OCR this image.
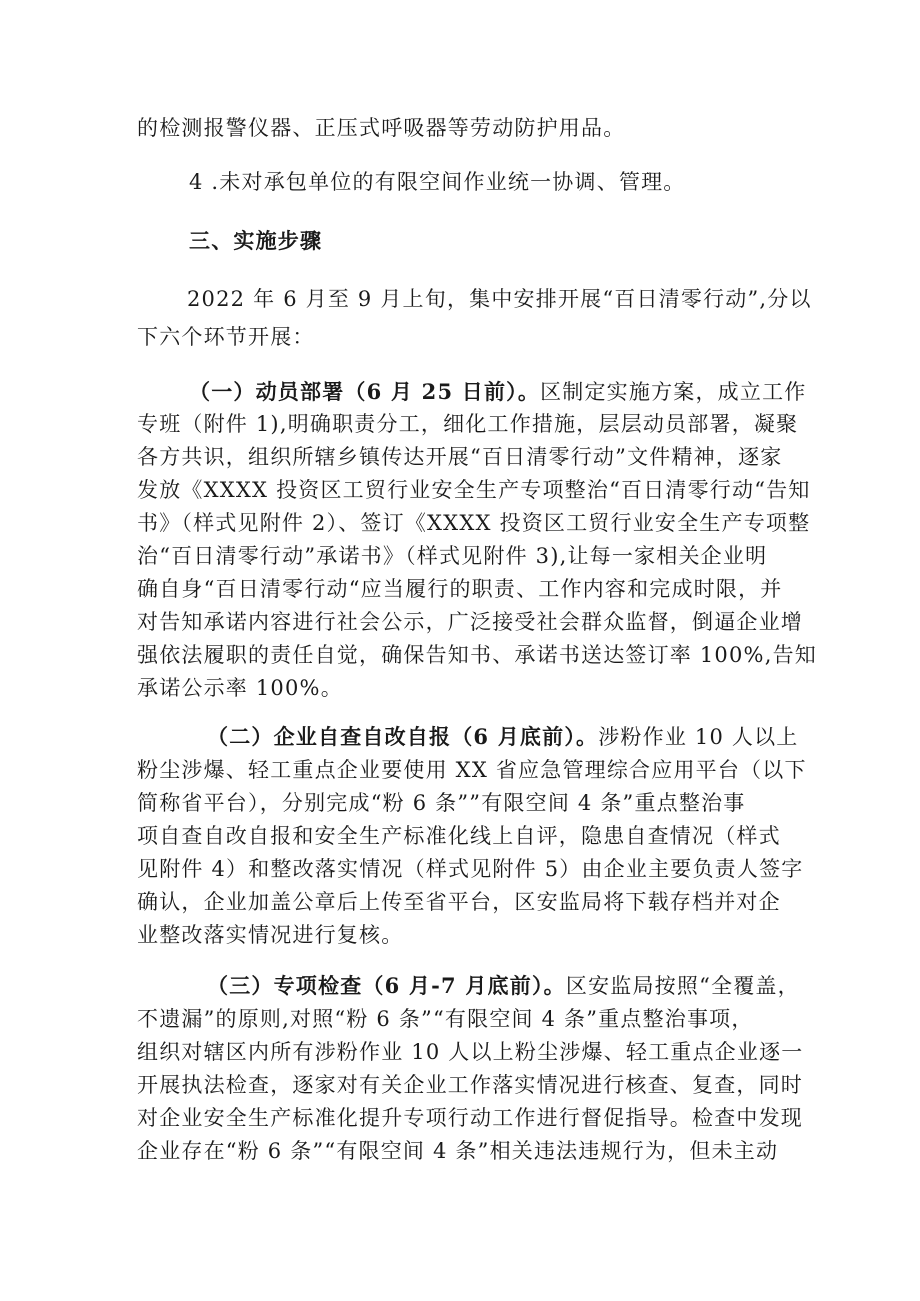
的检测报警仪器、正压式呼吸器等劳动防护用品。
4 .未对承包单位的有限空间作业统一协调、管理。
三、实施步骤
2022 年 6 月至 9 月上旬，集中安排开展“百日清零行动”,分以
下六个环节开展：
（一）动员部署（6 月 25 日前）。区制定实施方案，成立工作
专班（附件 1),明确职责分工，细化工作措施，层层动员部署，凝聚
各方共识，组织所辖乡镇传达开展“百日清零行动”文件精神，逐家
发放《XXXX 投资区工贸行业安全生产专项整治“百日清零行动“告知
书》（样式见附件 2）、签订《XXXX 投资区工贸行业安全生产专项整
治“百日清零行动”承诺书》（样式见附件 3),让每一家相关企业明
确自身“百日清零行动“应当履行的职责、工作内容和完成时限，并
对告知承诺内容进行社会公示，广泛接受社会群众监督，倒逼企业增
强依法履职的责任自觉，确保告知书、承诺书送达签订率 100%,告知
承诺公示率 100%。
（二）企业自查自改自报（6 月底前）。涉粉作业 10 人以上
粉尘涉爆、轻工重点企业要使用 XX 省应急管理综合应用平台（以下
简称省平台），分别完成“粉 6 条””有限空间 4 条”重点整治事
项自查自改自报和安全生产标准化线上自评，隐患自查情况（样式
见附件 4）和整改落实情况（样式见附件 5）由企业主要负责人签字
确认，企业加盖公章后上传至省平台，区安监局将下载存档并对企
业整改落实情况进行复核。
（三）专项检查（6 月-7 月底前）。区安监局按照“全覆盖，
不遗漏”的原则,对照“粉 6 条”“有限空间 4 条”重点整治事项，
组织对辖区内所有涉粉作业 10 人以上粉尘涉爆、轻工重点企业逐一
开展执法检查，逐家对有关企业工作落实情况进行核查、复查，同时
对企业安全生产标准化提升专项行动工作进行督促指导。检查中发现
企业存在“粉 6 条”“有限空间 4 条”相关违法违规行为，但未主动
